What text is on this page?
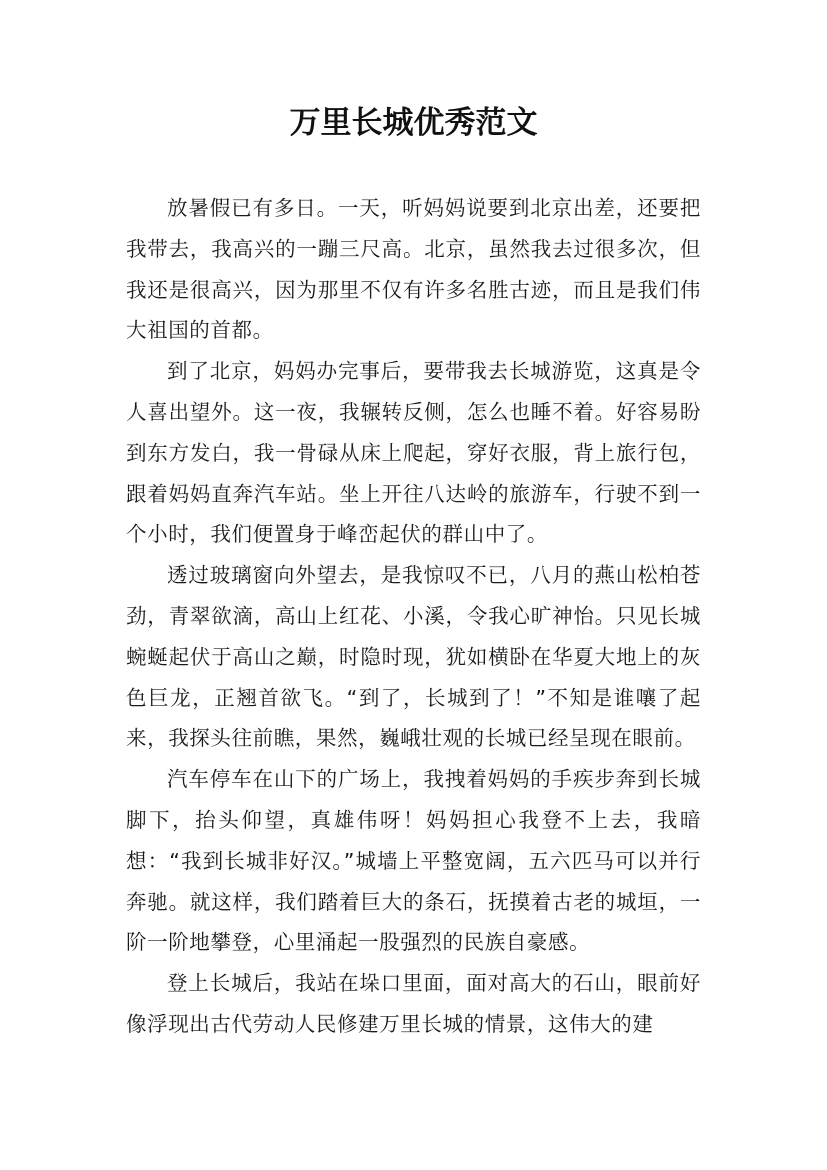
万里长城优秀范文

放暑假已有多日。一天，听妈妈说要到北京出差，还要把我带去，我高兴的一蹦三尺高。北京，虽然我去过很多次，但我还是很高兴，因为那里不仅有许多名胜古迹，而且是我们伟大祖国的首都。

到了北京，妈妈办完事后，要带我去长城游览，这真是令人喜出望外。这一夜，我辗转反侧，怎么也睡不着。好容易盼到东方发白，我一骨碌从床上爬起，穿好衣服，背上旅行包，跟着妈妈直奔汽车站。坐上开往八达岭的旅游车，行驶不到一个小时，我们便置身于峰峦起伏的群山中了。

透过玻璃窗向外望去，是我惊叹不已，八月的燕山松柏苍劲，青翠欲滴，高山上红花、小溪，令我心旷神怡。只见长城蜿蜒起伏于高山之巅，时隐时现，犹如横卧在华夏大地上的灰色巨龙，正翘首欲飞。“到了，长城到了！”不知是谁嚷了起来，我探头往前瞧，果然，巍峨壮观的长城已经呈现在眼前。

汽车停车在山下的广场上，我拽着妈妈的手疾步奔到长城脚下，抬头仰望，真雄伟呀！妈妈担心我登不上去，我暗想：“我到长城非好汉。”城墙上平整宽阔，五六匹马可以并行奔驰。就这样，我们踏着巨大的条石，抚摸着古老的城垣，一阶一阶地攀登，心里涌起一股强烈的民族自豪感。

登上长城后，我站在垛口里面，面对高大的石山，眼前好像浮现出古代劳动人民修建万里长城的情景，这伟大的建
